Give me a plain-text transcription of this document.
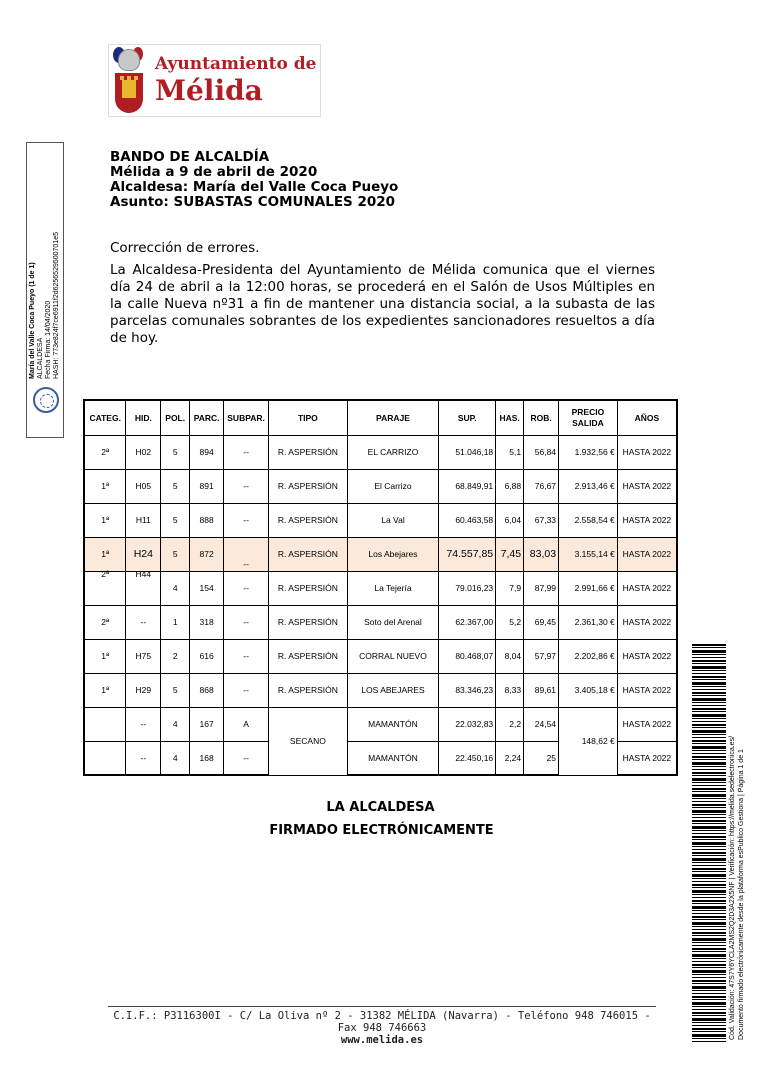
Ayuntamiento de
Mélida
María del Valle Coca Pueyo (1 de 1) ALCALDESA Fecha Firma: 14/04/2020 HASH: 773e824f7ce6911f2d6256529500701e5
BANDO DE ALCALDÍA
Mélida a 9 de abril de 2020
Alcaldesa: María del Valle Coca Pueyo
Asunto: SUBASTAS COMUNALES 2020
Corrección de errores.
La Alcaldesa-Presidenta del Ayuntamiento de Mélida comunica que el viernes día 24 de abril a la 12:00 horas, se procederá en el Salón de Usos Múltiples en la calle Nueva nº31 a fin de mantener una distancia social, a la subasta de las parcelas comunales sobrantes de los expedientes sancionadores resueltos a día de hoy.
CATEG.	HID.	POL.	PARC.	SUBPAR.	TIPO	PARAJE	SUP.	HAS.	ROB.	PRECIO SALIDA	AÑOS
2ª	H02	5	894	--	R. ASPERSIÓN	EL CARRIZO	51.046,18	5,1	56,84	1.932,56 €	HASTA 2022
1ª	H05	5	891	--	R. ASPERSIÓN	El Carrizo	68.849,91	6,88	76,67	2.913,46 €	HASTA 2022
1ª	H11	5	888	--	R. ASPERSIÓN	La Val	60.463,58	6,04	67,33	2.558,54 €	HASTA 2022
1ª	H24	5	872	--	R. ASPERSIÓN	Los Abejares	74.557,85	7,45	83,03	3.155,14 €	HASTA 2022
2ª	H44	4	154	--	R. ASPERSIÓN	La Tejería	79.016,23	7,9	87,99	2.991,66 €	HASTA 2022
2ª	--	1	318	--	R. ASPERSIÓN	Soto del Arenal	62.367,00	5,2	69,45	2.361,30 €	HASTA 2022
1ª	H75	2	616	--	R. ASPERSIÓN	CORRAL NUEVO	80.468,07	8,04	57,97	2.202,86 €	HASTA 2022
1ª	H29	5	868	--	R. ASPERSIÓN	LOS ABEJARES	83.346,23	8,33	89,61	3.405,18 €	HASTA 2022
	--	4	167	A	SECANO	MAMANTÓN	22.032,83	2,2	24,54	148,62 €	HASTA 2022
	--	4	168	--		MAMANTÓN	22.450,16	2,24	25		HASTA 2022
LA ALCALDESA
FIRMADO ELECTRÓNICAMENTE
C.I.F.: P3116300I - C/ La Oliva nº 2 - 31382 MÉLIDA (Navarra) - Teléfono 948 746015 - Fax 948 746663
www.melida.es	Cód. Validación: 47S7Y6YCLA2MS2Q2D3A2X5NF | Verificación: https://melida.sedelectronica.es/ Documento firmado electrónicamente desde la plataforma esPublico Gestiona | Página 1 de 1
